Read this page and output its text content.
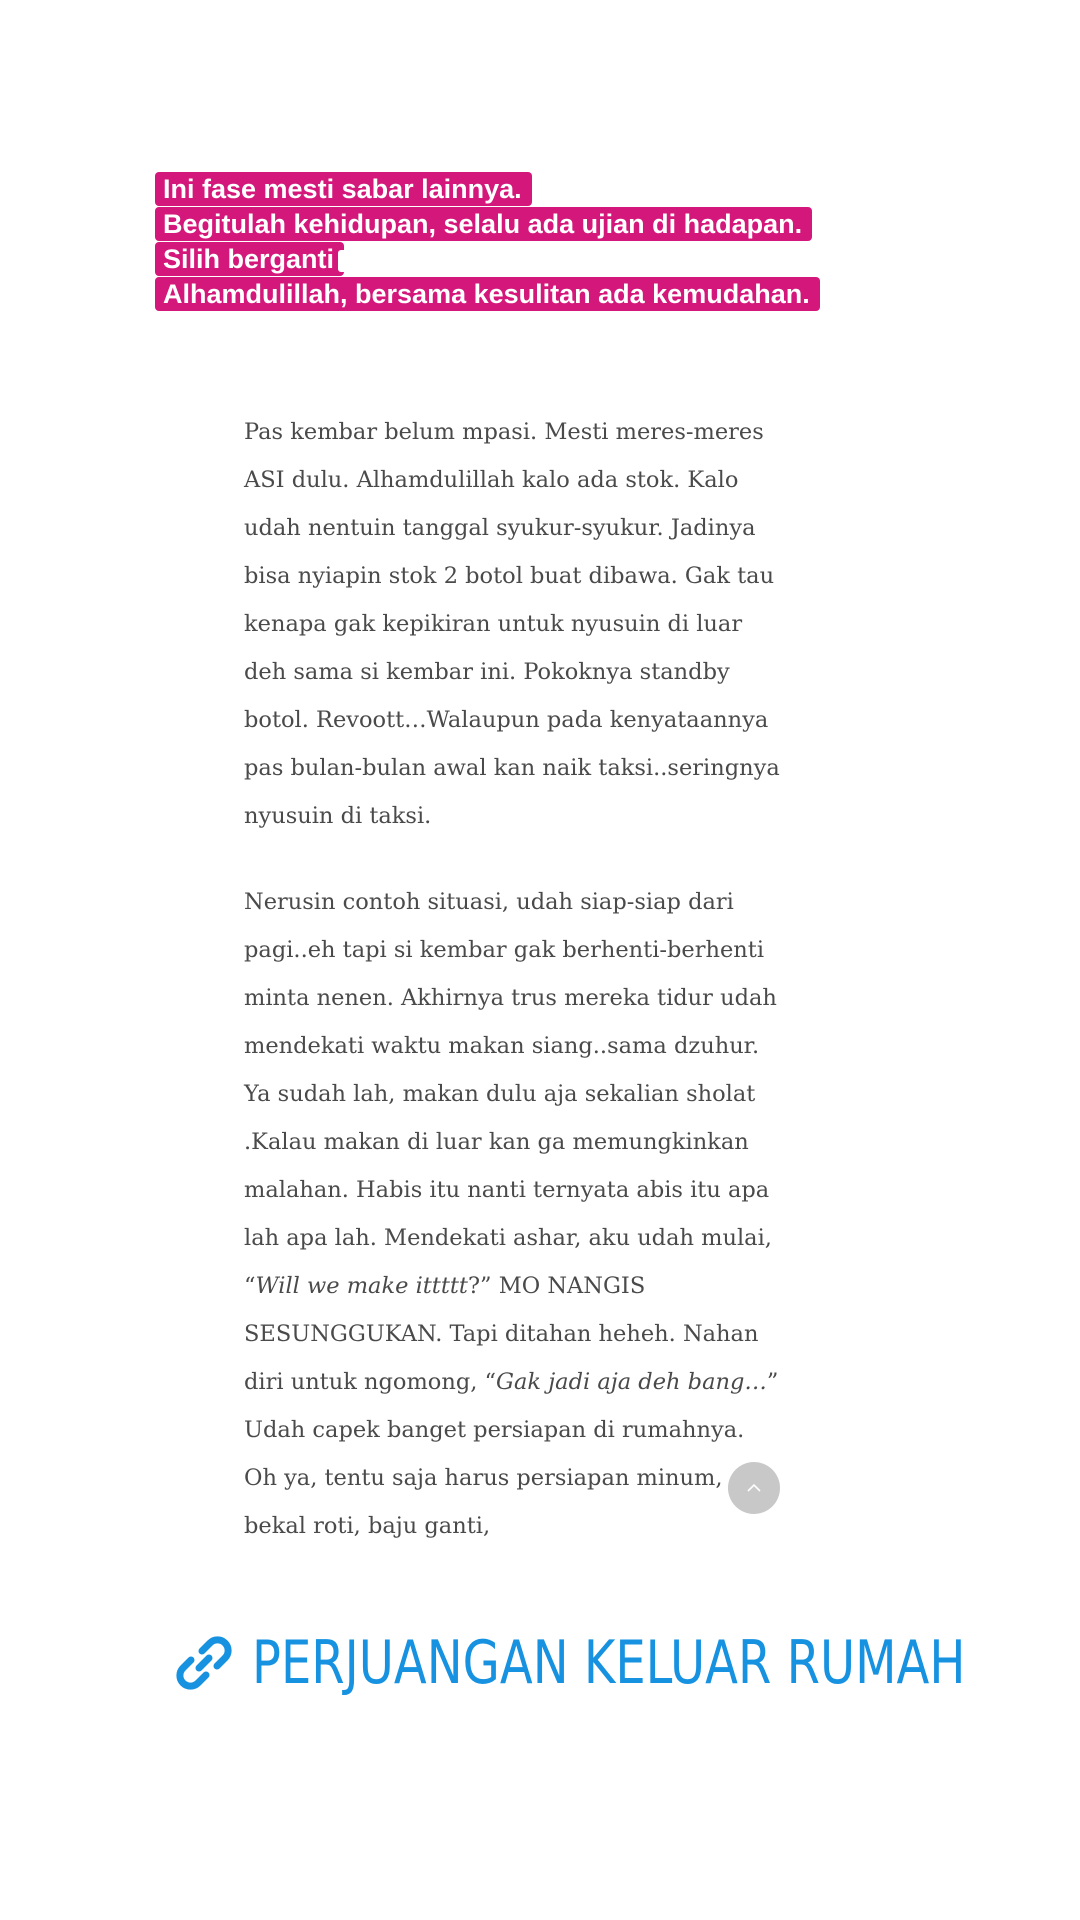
Ini fase mesti sabar lainnya.
Begitulah kehidupan, selalu ada ujian di hadapan.
Silih berganti
Alhamdulillah, bersama kesulitan ada kemudahan.

Pas kembar belum mpasi. Mesti meres-meres ASI dulu. Alhamdulillah kalo ada stok. Kalo udah nentuin tanggal syukur-syukur. Jadinya bisa nyiapin stok 2 botol buat dibawa. Gak tau kenapa gak kepikiran untuk nyusuin di luar deh sama si kembar ini. Pokoknya standby botol. Revoott…Walaupun pada kenyataannya pas bulan-bulan awal kan naik taksi..seringnya nyusuin di taksi.

Nerusin contoh situasi, udah siap-siap dari pagi..eh tapi si kembar gak berhenti-berhenti minta nenen. Akhirnya trus mereka tidur udah mendekati waktu makan siang..sama dzuhur. Ya sudah lah, makan dulu aja sekalian sholat .Kalau makan di luar kan ga memungkinkan malahan. Habis itu nanti ternyata abis itu apa lah apa lah. Mendekati ashar, aku udah mulai, “Will we make ittttt?” MO NANGIS SESUNGGUKAN. Tapi ditahan heheh. Nahan diri untuk ngomong, “Gak jadi aja deh bang…” Udah capek banget persiapan di rumahnya. Oh ya, tentu saja harus persiapan minum, bekal roti, baju ganti,

PERJUANGAN KELUAR RUMAH
